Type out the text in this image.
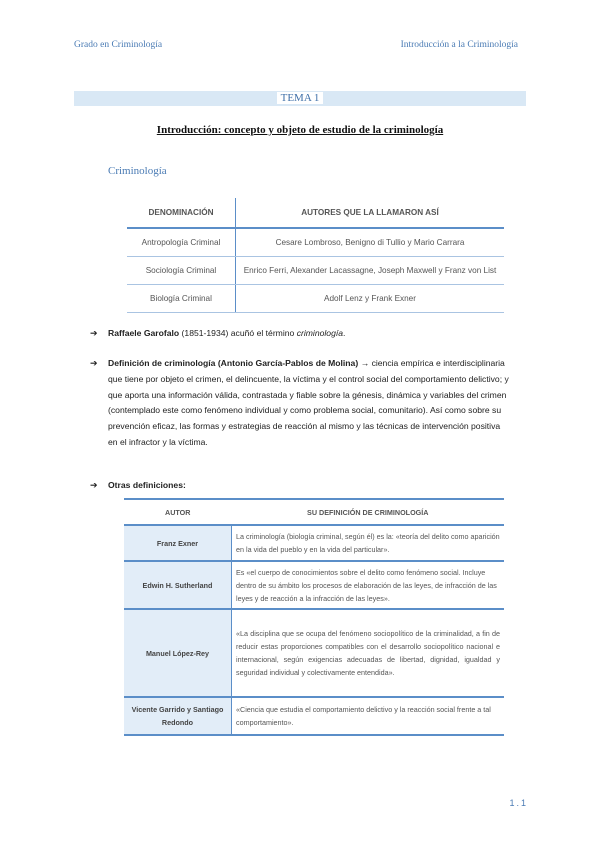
Grado en Criminología	Introducción a la Criminología
TEMA 1
Introducción: concepto y objeto de estudio de la criminología
Criminología
DENOMINACIÓN	AUTORES QUE LA LLAMARON ASÍ
Antropología Criminal	Cesare Lombroso, Benigno di Tullio y Mario Carrara
Sociología Criminal	Enrico Ferri, Alexander Lacassagne, Joseph Maxwell y Franz von List
Biología Criminal	Adolf Lenz y Frank Exner
➔ Raffaele Garofalo (1851-1934) acuñó el término criminología.
➔ Definición de criminología (Antonio García-Pablos de Molina) → ciencia empírica e interdisciplinaria que tiene por objeto el crimen, el delincuente, la víctima y el control social del comportamiento delictivo; y que aporta una información válida, contrastada y fiable sobre la génesis, dinámica y variables del crimen (contemplado este como fenómeno individual y como problema social, comunitario). Así como sobre su prevención eficaz, las formas y estrategias de reacción al mismo y las técnicas de intervención positiva en el infractor y la víctima.
➔ Otras definiciones:
AUTOR	SU DEFINICIÓN DE CRIMINOLOGÍA
Franz Exner	La criminología (biología criminal, según él) es la: «teoría del delito como aparición en la vida del pueblo y en la vida del particular».
Edwin H. Sutherland	Es «el cuerpo de conocimientos sobre el delito como fenómeno social. Incluye dentro de su ámbito los procesos de elaboración de las leyes, de infracción de las leyes y de reacción a la infracción de las leyes».
Manuel López-Rey	«La disciplina que se ocupa del fenómeno sociopolítico de la criminalidad, a fin de reducir estas proporciones compatibles con el desarrollo sociopolítico nacional e internacional, según exigencias adecuadas de libertad, dignidad, igualdad y seguridad individual y colectivamente entendida».
Vicente Garrido y Santiago Redondo	«Ciencia que estudia el comportamiento delictivo y la reacción social frente a tal comportamiento».
1.1
